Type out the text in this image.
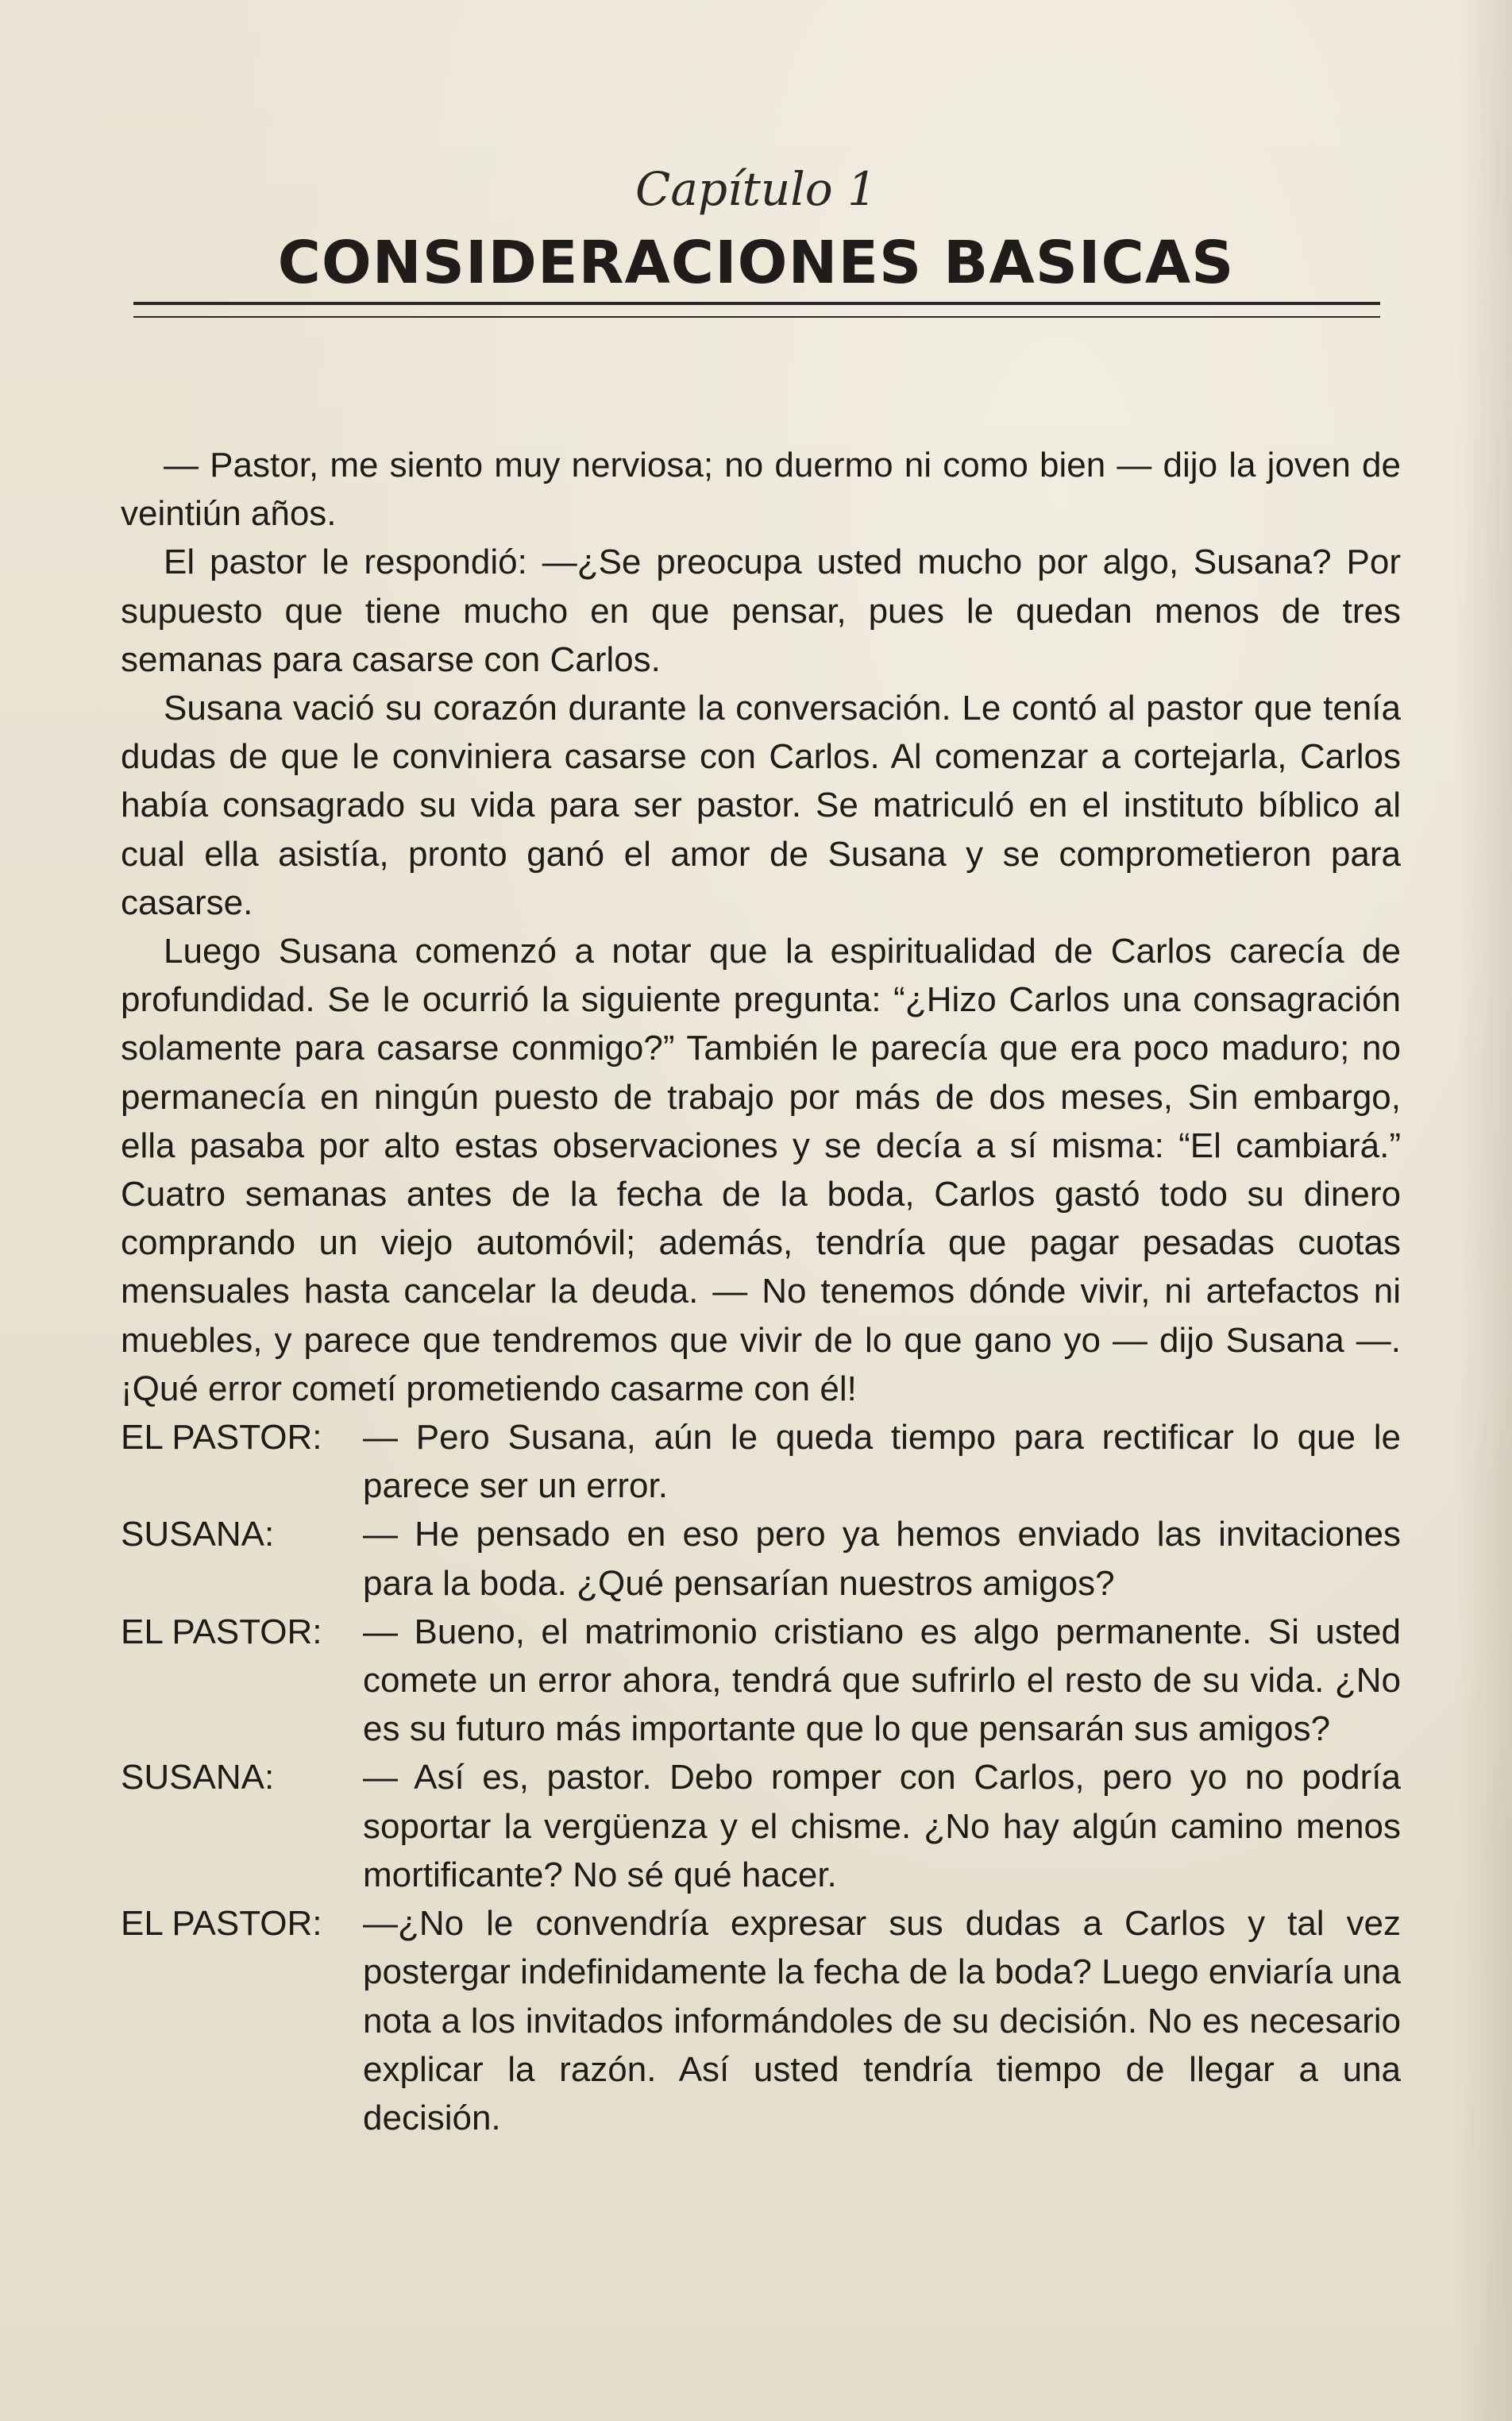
Capítulo 1
CONSIDERACIONES BASICAS

— Pastor, me siento muy nerviosa; no duermo ni como bien — dijo la joven de veintiún años.

El pastor le respondió: —¿Se preocupa usted mucho por algo, Susana? Por supuesto que tiene mucho en que pensar, pues le quedan menos de tres semanas para casarse con Carlos.

Susana vació su corazón durante la conversación. Le contó al pastor que tenía dudas de que le conviniera casarse con Carlos. Al comenzar a cortejarla, Carlos había consagrado su vida para ser pastor. Se matriculó en el instituto bíblico al cual ella asistía, pronto ganó el amor de Susana y se comprometieron para casarse.

Luego Susana comenzó a notar que la espiritualidad de Carlos carecía de profundidad. Se le ocurrió la siguiente pregunta: “¿Hizo Carlos una consagración solamente para casarse conmigo?” También le parecía que era poco maduro; no permanecía en ningún puesto de trabajo por más de dos meses, Sin embargo, ella pasaba por alto estas observaciones y se decía a sí misma: “El cambiará.” Cuatro semanas antes de la fecha de la boda, Carlos gastó todo su dinero comprando un viejo automóvil; además, tendría que pagar pesadas cuotas mensuales hasta cancelar la deuda. — No tenemos dónde vivir, ni artefactos ni muebles, y parece que tendremos que vivir de lo que gano yo — dijo Susana —. ¡Qué error cometí prometiendo casarme con él!

EL PASTOR:	— Pero Susana, aún le queda tiempo para rectificar lo que le parece ser un error.
SUSANA:	— He pensado en eso pero ya hemos enviado las invitaciones para la boda. ¿Qué pensarían nuestros amigos?
EL PASTOR:	— Bueno, el matrimonio cristiano es algo permanente. Si usted comete un error ahora, tendrá que sufrirlo el resto de su vida. ¿No es su futuro más importante que lo que pensarán sus amigos?
SUSANA:	— Así es, pastor. Debo romper con Carlos, pero yo no podría soportar la vergüenza y el chisme. ¿No hay algún camino menos mortificante? No sé qué hacer.
EL PASTOR:	—¿No le convendría expresar sus dudas a Carlos y tal vez postergar indefinidamente la fecha de la boda? Luego enviaría una nota a los invitados informándoles de su decisión. No es necesario explicar la razón. Así usted tendría tiempo de llegar a una decisión.
